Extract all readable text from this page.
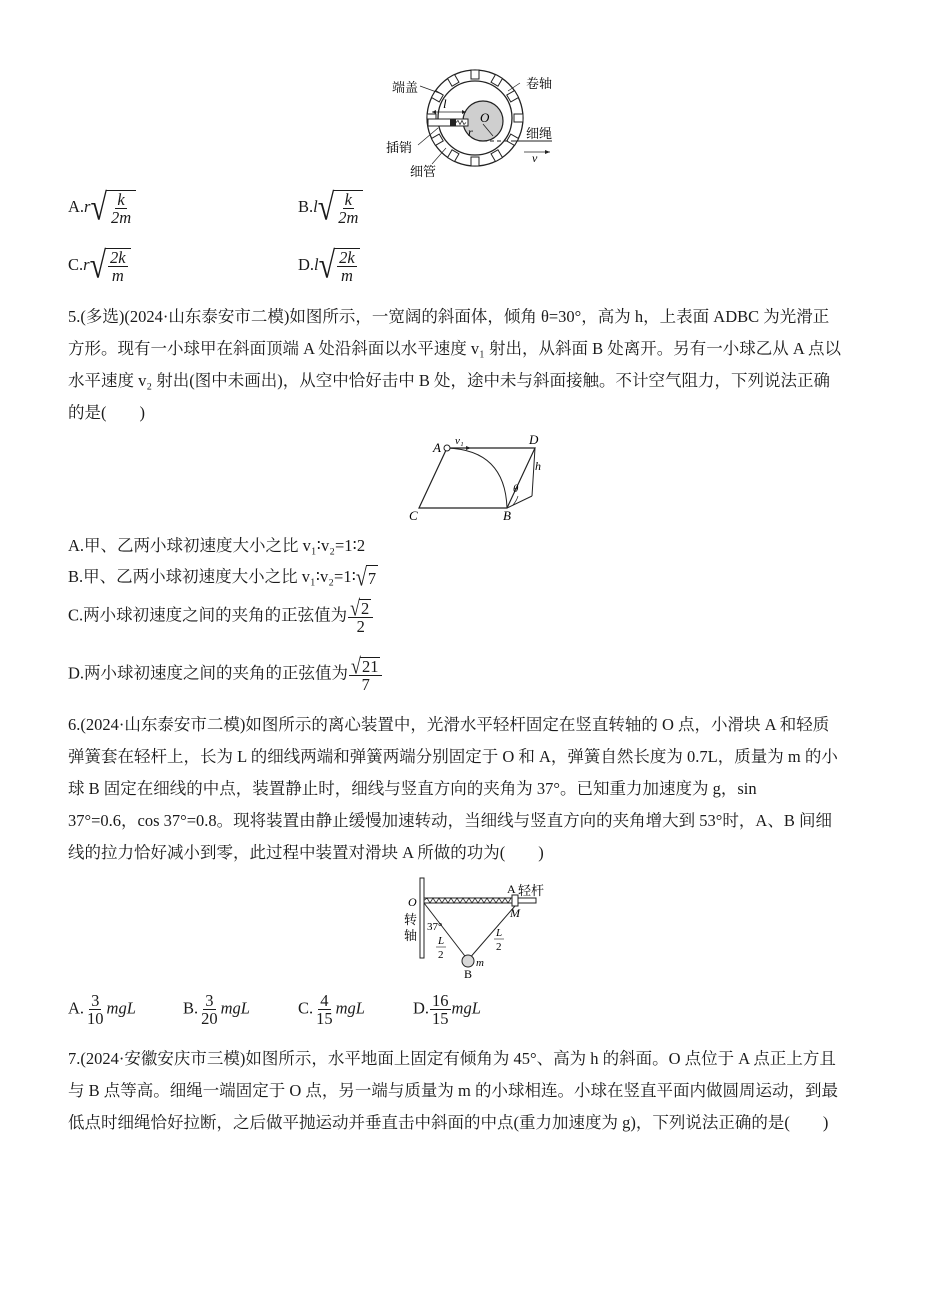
l
O
r
v
端盖	卷轴
插销
细管
细绳
A.r √ $\frac{k}{2m}$	B.l √ $\frac{k}{2m}$
C.r √ $\frac{2k}{m}$	D.l √ $\frac{2k}{m}$
5.(多选)(2024·山东泰安市二模)如图所示，一宽阔的斜面体，倾角 θ=30°，高为 h，上表面 ADBC 为光滑正
方形。现有一小球甲在斜面顶端 A 处沿斜面以水平速度 v₁ 射出，从斜面 B 处离开。另有一小球乙从 A 点以
水平速度 v₂ 射出(图中未画出)，从空中恰好击中 B 处，途中未与斜面接触。不计空气阻力，下列说法正确
的是(　　)
A v₁	D
h
θ
C	B
A.甲、乙两小球初速度大小之比 v₁∶v₂=1∶2
B.甲、乙两小球初速度大小之比 v₁∶v₂=1∶ √ 7
C.两小球初速度之间的夹角的正弦值为 $\frac{√ 2}{2}$
D.两小球初速度之间的夹角的正弦值为 $\frac{√ 21}{7}$
6.(2024·山东泰安市二模)如图所示的离心装置中，光滑水平轻杆固定在竖直转轴的 O 点，小滑块 A 和轻质
弹簧套在轻杆上，长为 L 的细线两端和弹簧两端分别固定于 O 和 A，弹簧自然长度为 0.7L，质量为 m 的小
球 B 固定在细线的中点，装置静止时，细线与竖直方向的夹角为 37°。已知重力加速度为 g，sin
37°=0.6，cos 37°=0.8。现将装置由静止缓慢加速转动，当细线与竖直方向的夹角增大到 53°时，A、B 间细
线的拉力恰好减小到零，此过程中装置对滑块 A 所做的功为(　　)
O
A 轻杆
M
转
轴
37°
L
2
L
2
B
m
A. $\frac{3}{10}$ mgL	B. $\frac{3}{20}$ mgL	C. $\frac{4}{15}$ mgL	D. $\frac{16}{15}$ mgL
7.(2024·安徽安庆市三模)如图所示，水平地面上固定有倾角为 45°、高为 h 的斜面。O 点位于 A 点正上方且
与 B 点等高。细绳一端固定于 O 点，另一端与质量为 m 的小球相连。小球在竖直平面内做圆周运动，到最
低点时细绳恰好拉断，之后做平抛运动并垂直击中斜面的中点(重力加速度为 g)，下列说法正确的是(　　)
